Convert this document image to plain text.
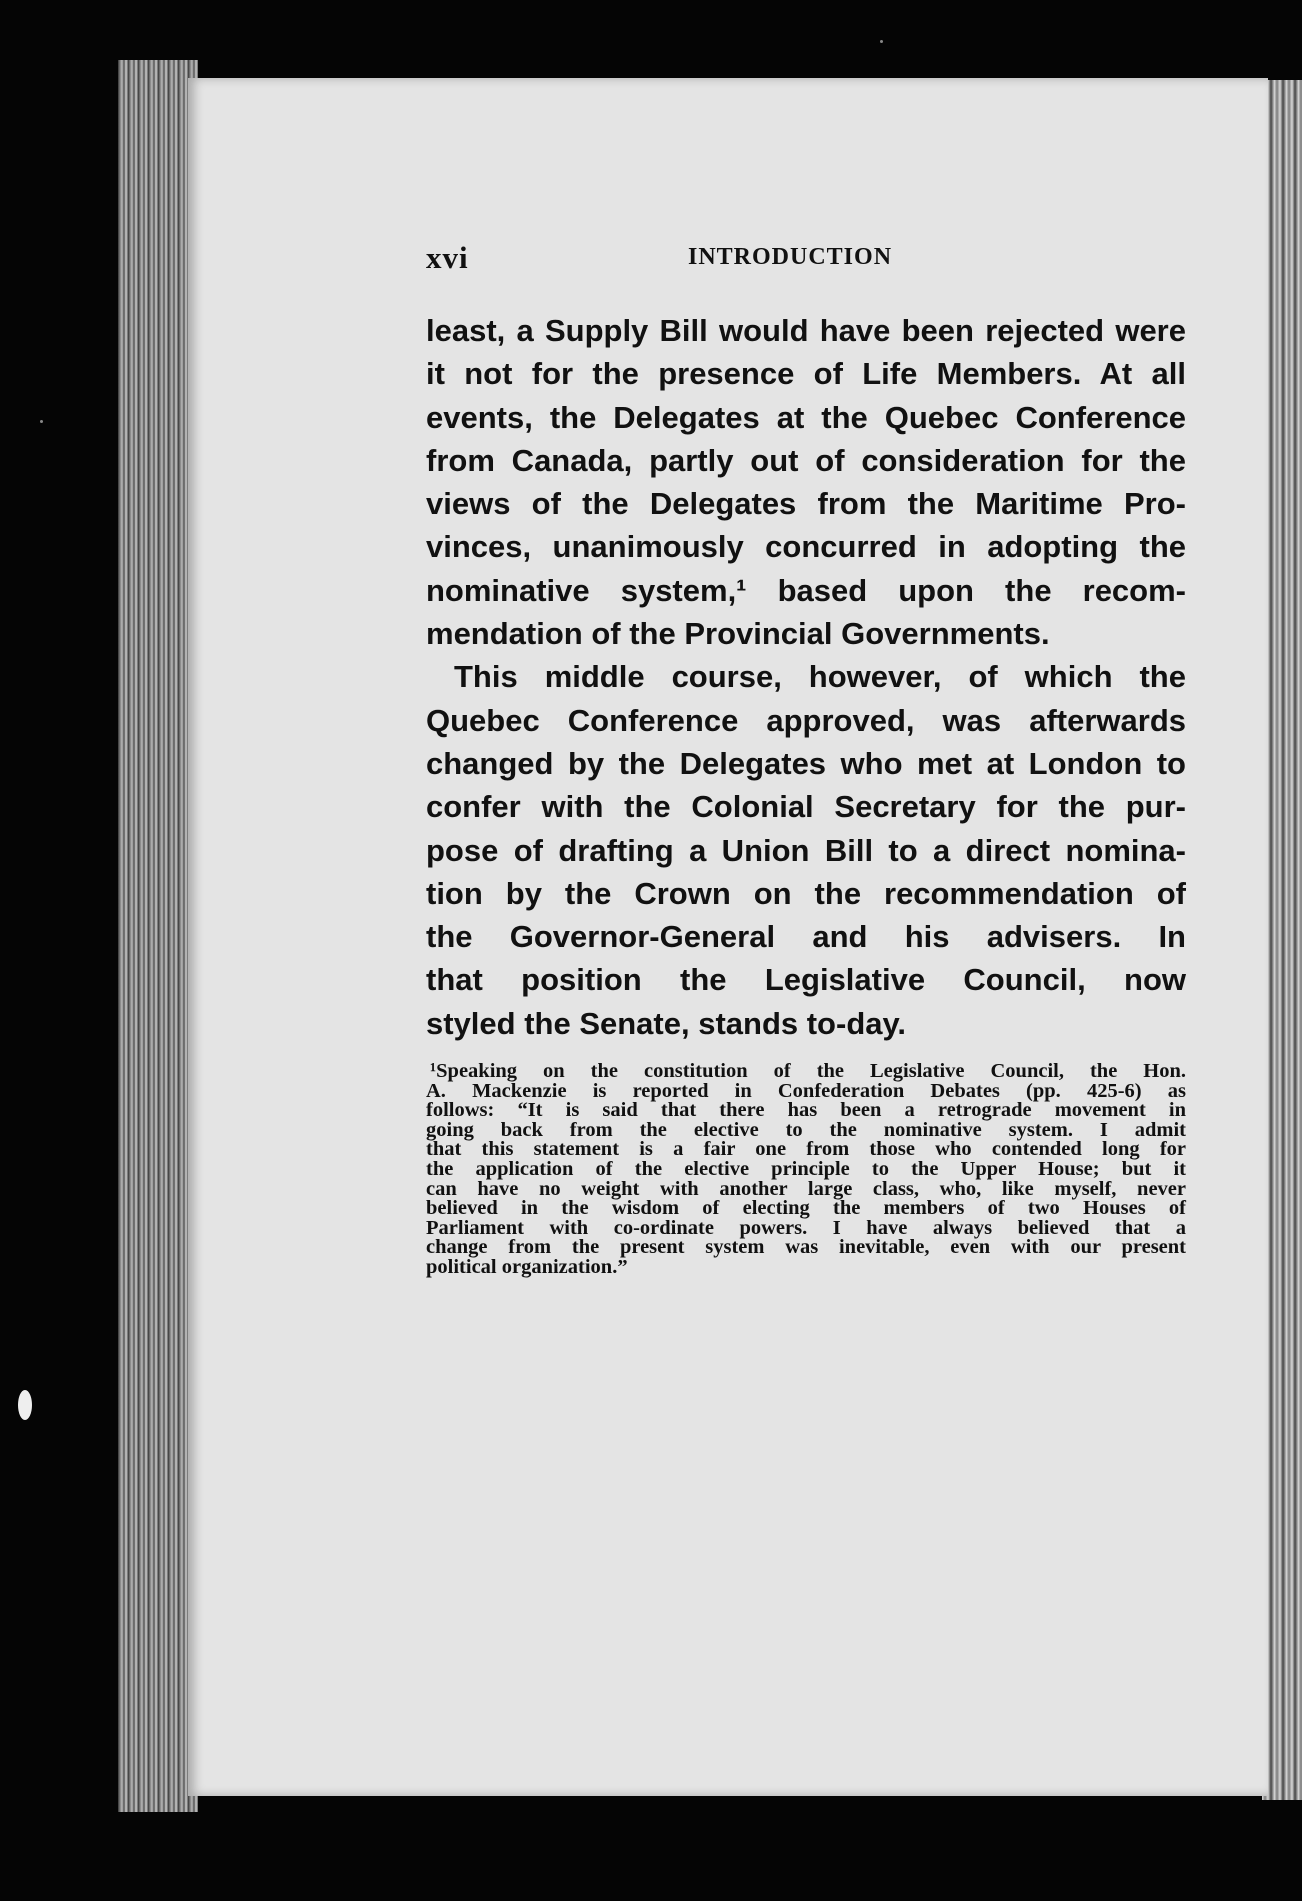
xvi	INTRODUCTION
least, a Supply Bill would have been rejected were
it not for the presence of Life Members. At all
events, the Delegates at the Quebec Conference
from Canada, partly out of consideration for the
views of the Delegates from the Maritime Pro-
vinces, unanimously concurred in adopting the
nominative system,¹ based upon the recom-
mendation of the Provincial Governments.
This middle course, however, of which the
Quebec Conference approved, was afterwards
changed by the Delegates who met at London to
confer with the Colonial Secretary for the pur-
pose of drafting a Union Bill to a direct nomina-
tion by the Crown on the recommendation of
the Governor-General and his advisers. In
that position the Legislative Council, now
styled the Senate, stands to-day.
¹Speaking on the constitution of the Legislative Council, the Hon.
A. Mackenzie is reported in Confederation Debates (pp. 425-6) as
follows: “It is said that there has been a retrograde movement in
going back from the elective to the nominative system. I admit
that this statement is a fair one from those who contended long for
the application of the elective principle to the Upper House; but it
can have no weight with another large class, who, like myself, never
believed in the wisdom of electing the members of two Houses of
Parliament with co-ordinate powers. I have always believed that a
change from the present system was inevitable, even with our present
political organization.”
